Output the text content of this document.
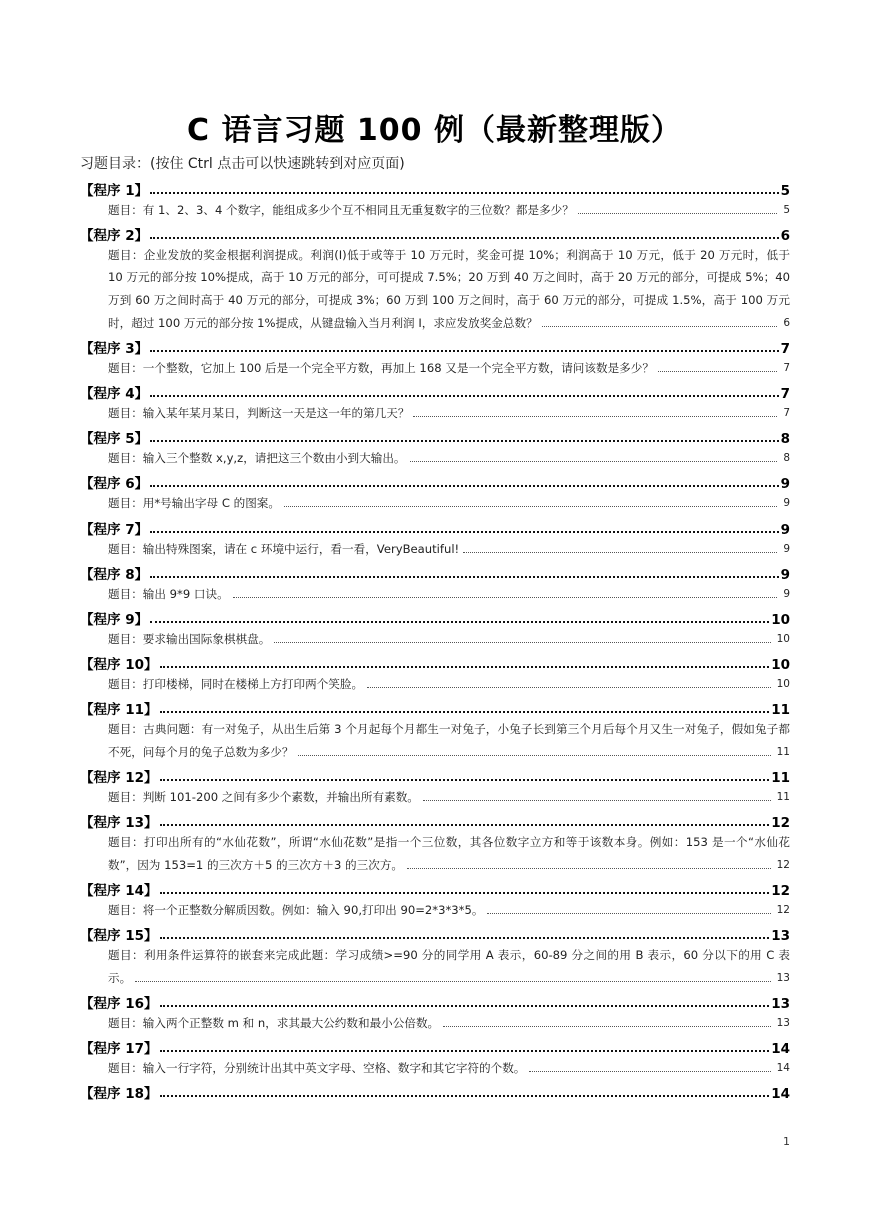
C 语言习题 100 例（最新整理版）
习题目录：(按住 Ctrl 点击可以快速跳转到对应页面)
【程序 1】	5
题目：有 1、2、3、4 个数字，能组成多少个互不相同且无重复数字的三位数？都是多少？	5
【程序 2】	6
题目：企业发放的奖金根据利润提成。利润(I)低于或等于 10 万元时，奖金可提 10%；利润高于 10 万元，低于 20 万元时，低于 10 万元的部分按 10%提成，高于 10 万元的部分，可可提成 7.5%；20 万到 40 万之间时，高于 20 万元的部分，可提成 5%；40 万到 60 万之间时高于 40 万元的部分，可提成 3%；60 万到 100 万之间时，高于 60 万元的部分，可提成 1.5%，高于 100 万元时，超过 100 万元的部分按 1%提成，从键盘输入当月利润 I，求应发放奖金总数？	6
【程序 3】	7
题目：一个整数，它加上 100 后是一个完全平方数，再加上 168 又是一个完全平方数，请问该数是多少？	7
【程序 4】	7
题目：输入某年某月某日，判断这一天是这一年的第几天？	7
【程序 5】	8
题目：输入三个整数 x,y,z，请把这三个数由小到大输出。	8
【程序 6】	9
题目：用*号输出字母 C 的图案。	9
【程序 7】	9
题目：输出特殊图案，请在 c 环境中运行，看一看，VeryBeautiful!	9
【程序 8】	9
题目：输出 9*9 口诀。	9
【程序 9】	10
题目：要求输出国际象棋棋盘。	10
【程序 10】	10
题目：打印楼梯，同时在楼梯上方打印两个笑脸。	10
【程序 11】	11
题目：古典问题：有一对兔子，从出生后第 3 个月起每个月都生一对兔子，小兔子长到第三个月后每个月又生一对兔子，假如兔子都不死，问每个月的兔子总数为多少？	11
【程序 12】	11
题目：判断 101-200 之间有多少个素数，并输出所有素数。	11
【程序 13】	12
题目：打印出所有的“水仙花数”，所谓“水仙花数”是指一个三位数，其各位数字立方和等于该数本身。例如：153 是一个“水仙花数”，因为 153=1 的三次方＋5 的三次方＋3 的三次方。	12
【程序 14】	12
题目：将一个正整数分解质因数。例如：输入 90,打印出 90=2*3*3*5。	12
【程序 15】	13
题目：利用条件运算符的嵌套来完成此题：学习成绩>=90 分的同学用 A 表示，60-89 分之间的用 B 表示，60 分以下的用 C 表示。	13
【程序 16】	13
题目：输入两个正整数 m 和 n，求其最大公约数和最小公倍数。	13
【程序 17】	14
题目：输入一行字符，分别统计出其中英文字母、空格、数字和其它字符的个数。	14
【程序 18】	14
1
